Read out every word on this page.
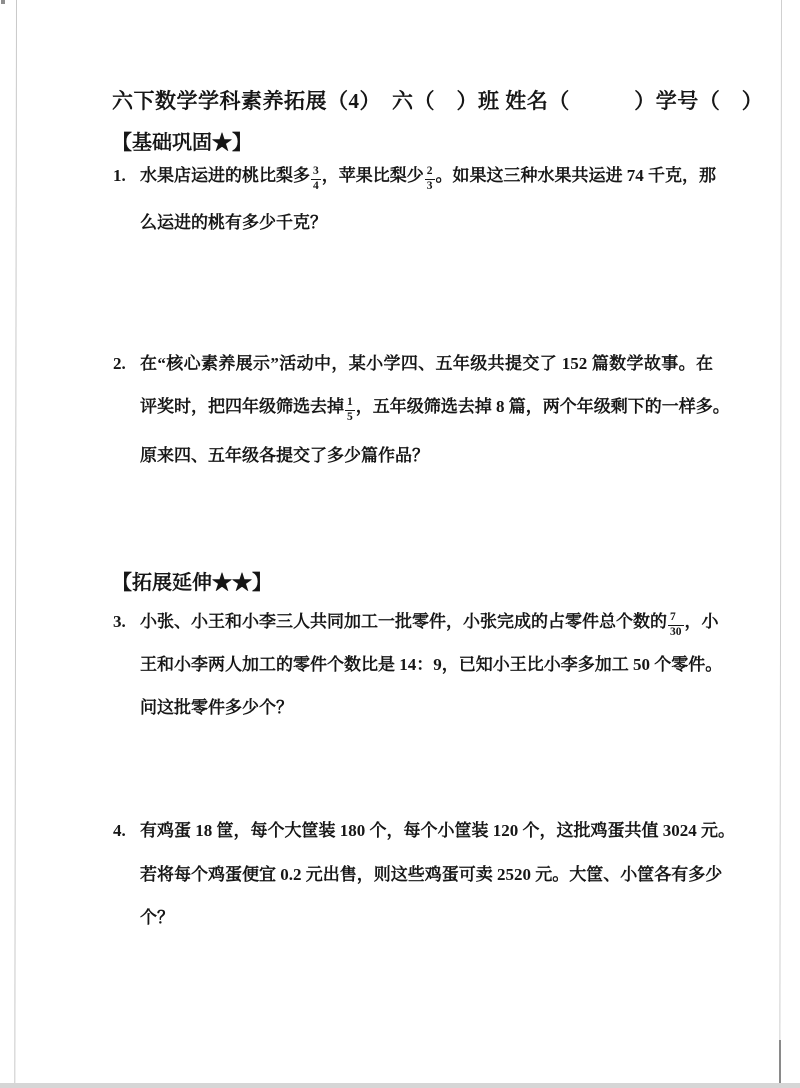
六下数学学科素养拓展（4）　六（　）班 姓名（　　　）学号（　）
【基础巩固★】
1. 水果店运进的桃比梨多 $\frac{3}{4}$ ，苹果比梨少 $\frac{2}{3}$ 。如果这三种水果共运进 74 千克，那
么运进的桃有多少千克？
2. 在“核心素养展示”活动中，某小学四、五年级共提交了 152 篇数学故事。在
评奖时，把四年级筛选去掉 $\frac{1}{5}$ ，五年级筛选去掉 8 篇，两个年级剩下的一样多。
原来四、五年级各提交了多少篇作品？
【拓展延伸★★】
3. 小张、小王和小李三人共同加工一批零件，小张完成的占零件总个数的 $\frac{7}{30}$ ，小
王和小李两人加工的零件个数比是 14：9，已知小王比小李多加工 50 个零件。
问这批零件多少个？
4. 有鸡蛋 18 筐，每个大筐装 180 个，每个小筐装 120 个，这批鸡蛋共值 3024 元。
若将每个鸡蛋便宜 0.2 元出售，则这些鸡蛋可卖 2520 元。大筐、小筐各有多少
个？
